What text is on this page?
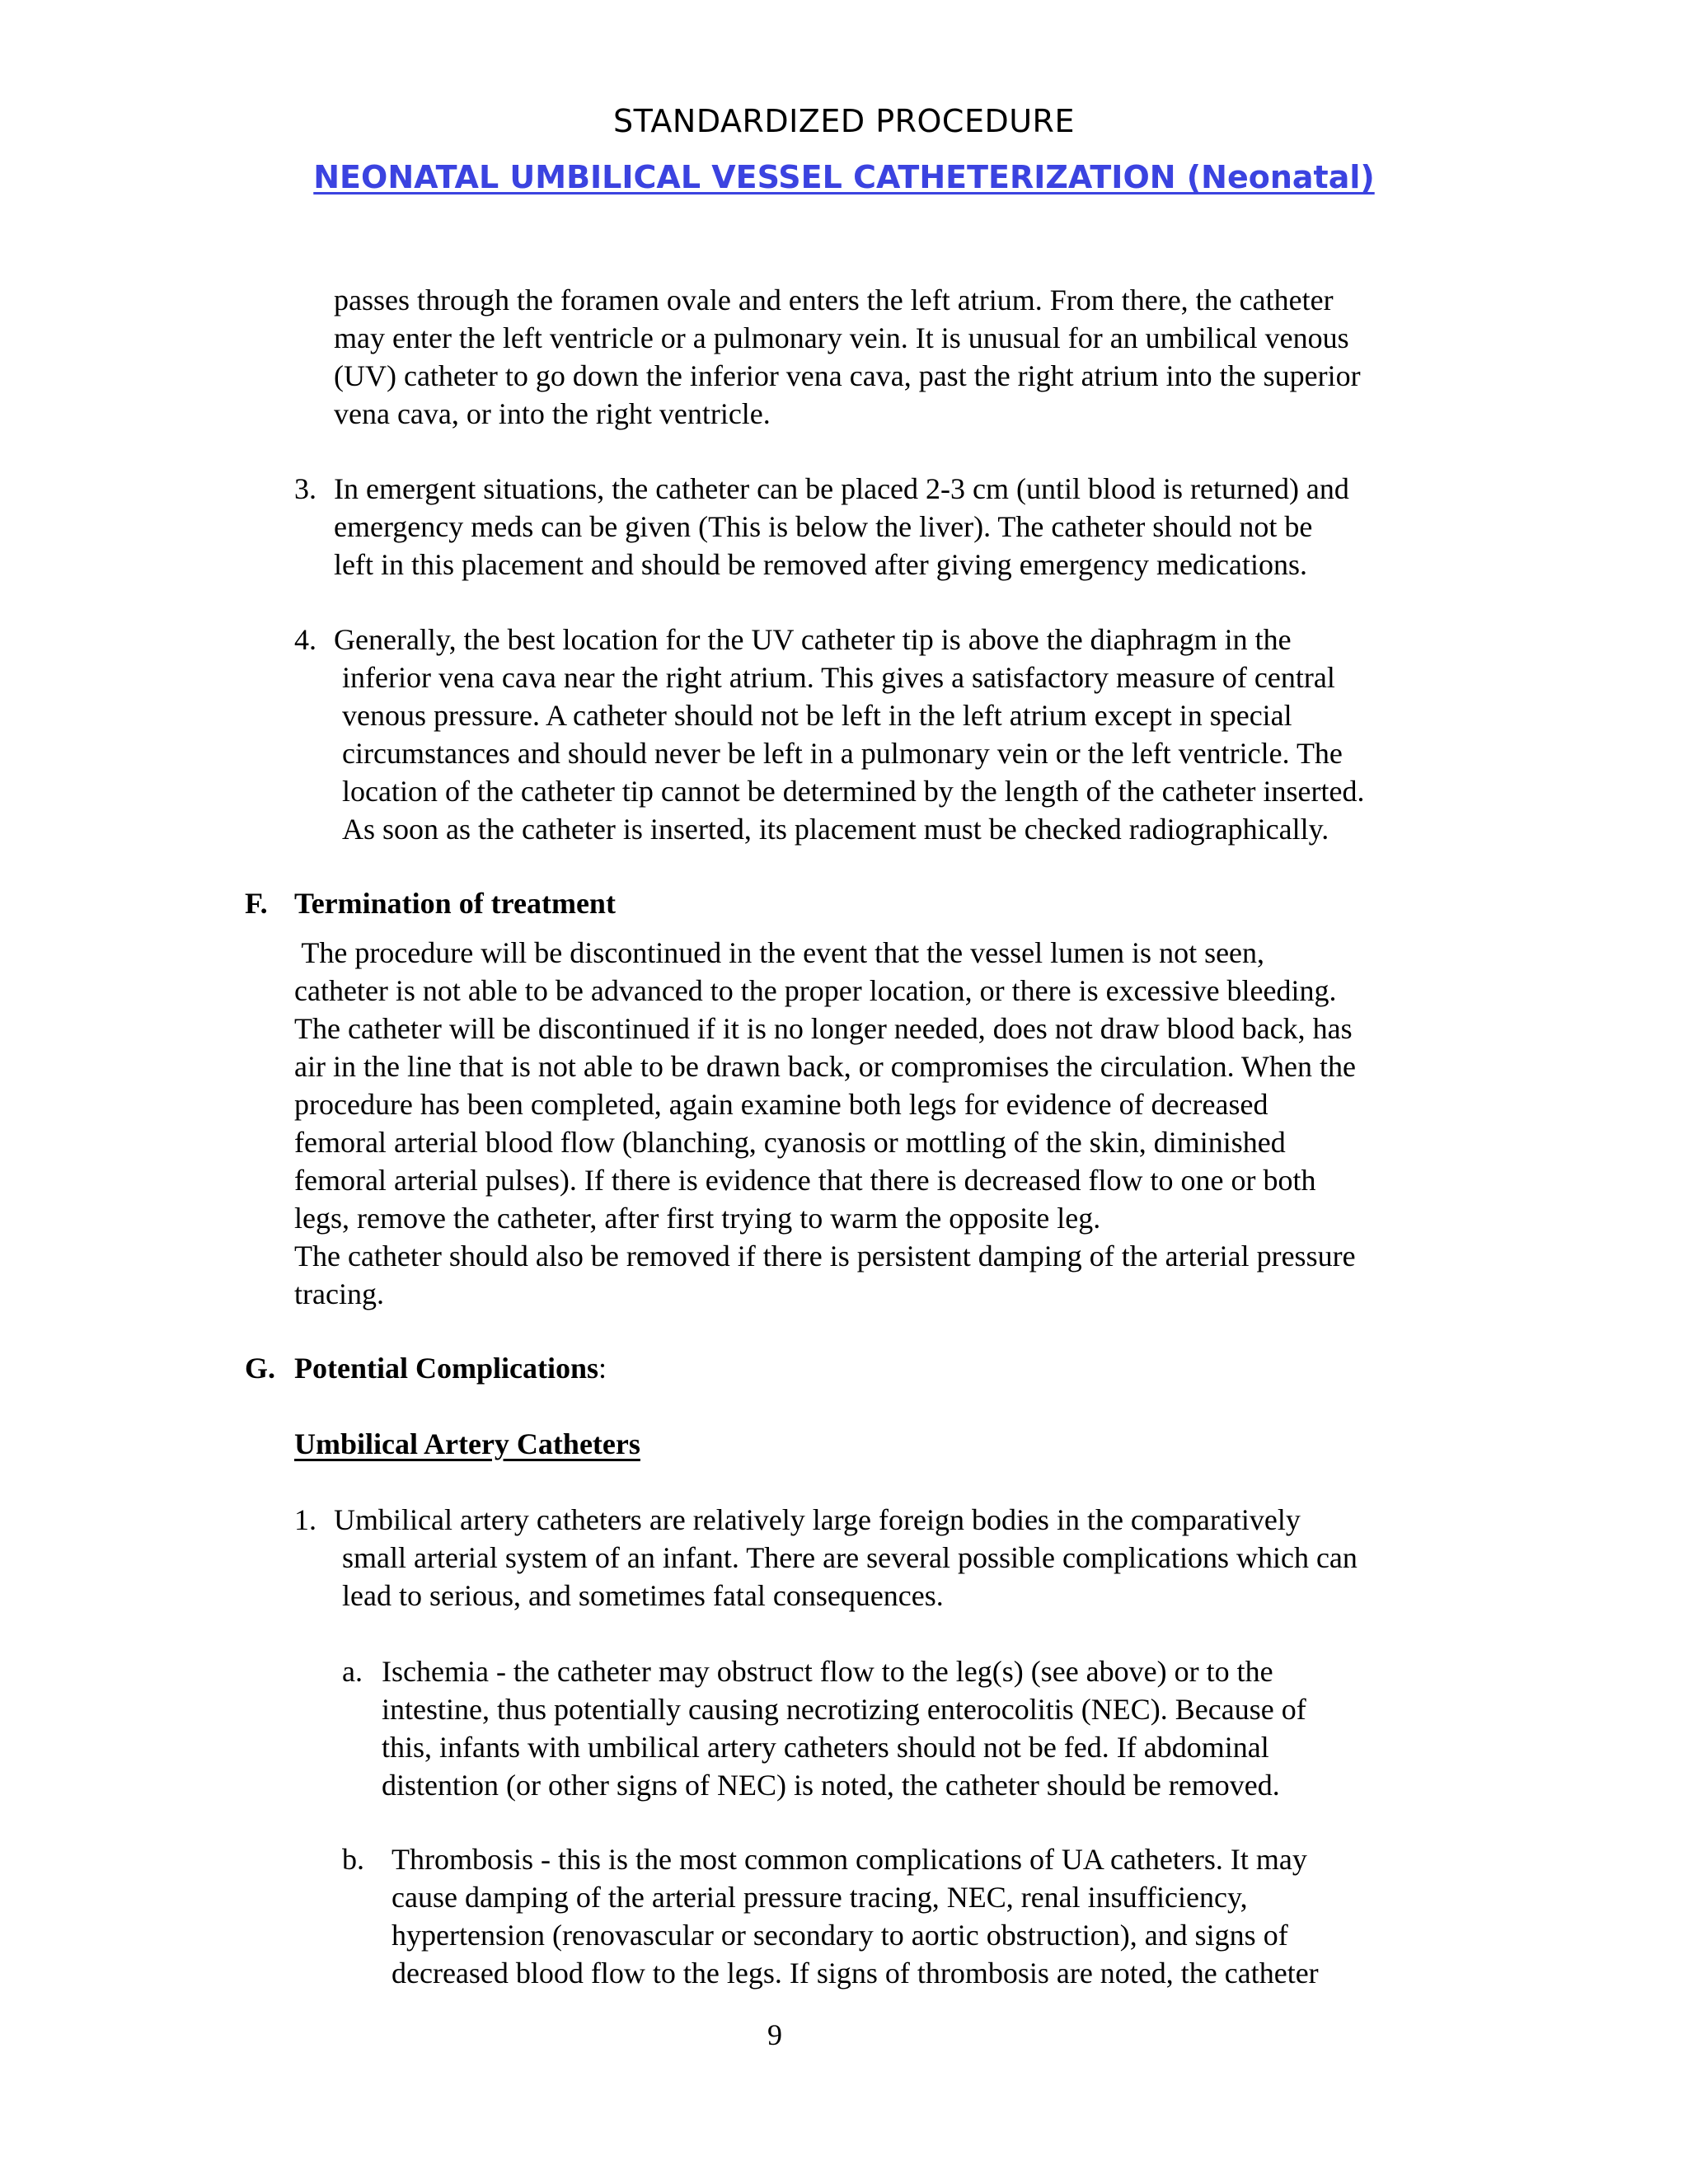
STANDARDIZED PROCEDURE
NEONATAL UMBILICAL VESSEL CATHETERIZATION (Neonatal)
passes through the foramen ovale and enters the left atrium. From there, the catheter
may enter the left ventricle or a pulmonary vein. It is unusual for an umbilical venous
(UV) catheter to go down the inferior vena cava, past the right atrium into the superior
vena cava, or into the right ventricle.
3. In emergent situations, the catheter can be placed 2-3 cm (until blood is returned) and
emergency meds can be given (This is below the liver). The catheter should not be
left in this placement and should be removed after giving emergency medications.
4. Generally, the best location for the UV catheter tip is above the diaphragm in the
inferior vena cava near the right atrium. This gives a satisfactory measure of central
venous pressure. A catheter should not be left in the left atrium except in special
circumstances and should never be left in a pulmonary vein or the left ventricle. The
location of the catheter tip cannot be determined by the length of the catheter inserted.
As soon as the catheter is inserted, its placement must be checked radiographically.
F. Termination of treatment
The procedure will be discontinued in the event that the vessel lumen is not seen,
catheter is not able to be advanced to the proper location, or there is excessive bleeding.
The catheter will be discontinued if it is no longer needed, does not draw blood back, has
air in the line that is not able to be drawn back, or compromises the circulation. When the
procedure has been completed, again examine both legs for evidence of decreased
femoral arterial blood flow (blanching, cyanosis or mottling of the skin, diminished
femoral arterial pulses). If there is evidence that there is decreased flow to one or both
legs, remove the catheter, after first trying to warm the opposite leg.
The catheter should also be removed if there is persistent damping of the arterial pressure
tracing.
G. Potential Complications:
Umbilical Artery Catheters
1. Umbilical artery catheters are relatively large foreign bodies in the comparatively
small arterial system of an infant. There are several possible complications which can
lead to serious, and sometimes fatal consequences.
a. Ischemia - the catheter may obstruct flow to the leg(s) (see above) or to the
intestine, thus potentially causing necrotizing enterocolitis (NEC). Because of
this, infants with umbilical artery catheters should not be fed. If abdominal
distention (or other signs of NEC) is noted, the catheter should be removed.
b. Thrombosis - this is the most common complications of UA catheters. It may
cause damping of the arterial pressure tracing, NEC, renal insufficiency,
hypertension (renovascular or secondary to aortic obstruction), and signs of
decreased blood flow to the legs. If signs of thrombosis are noted, the catheter
9
